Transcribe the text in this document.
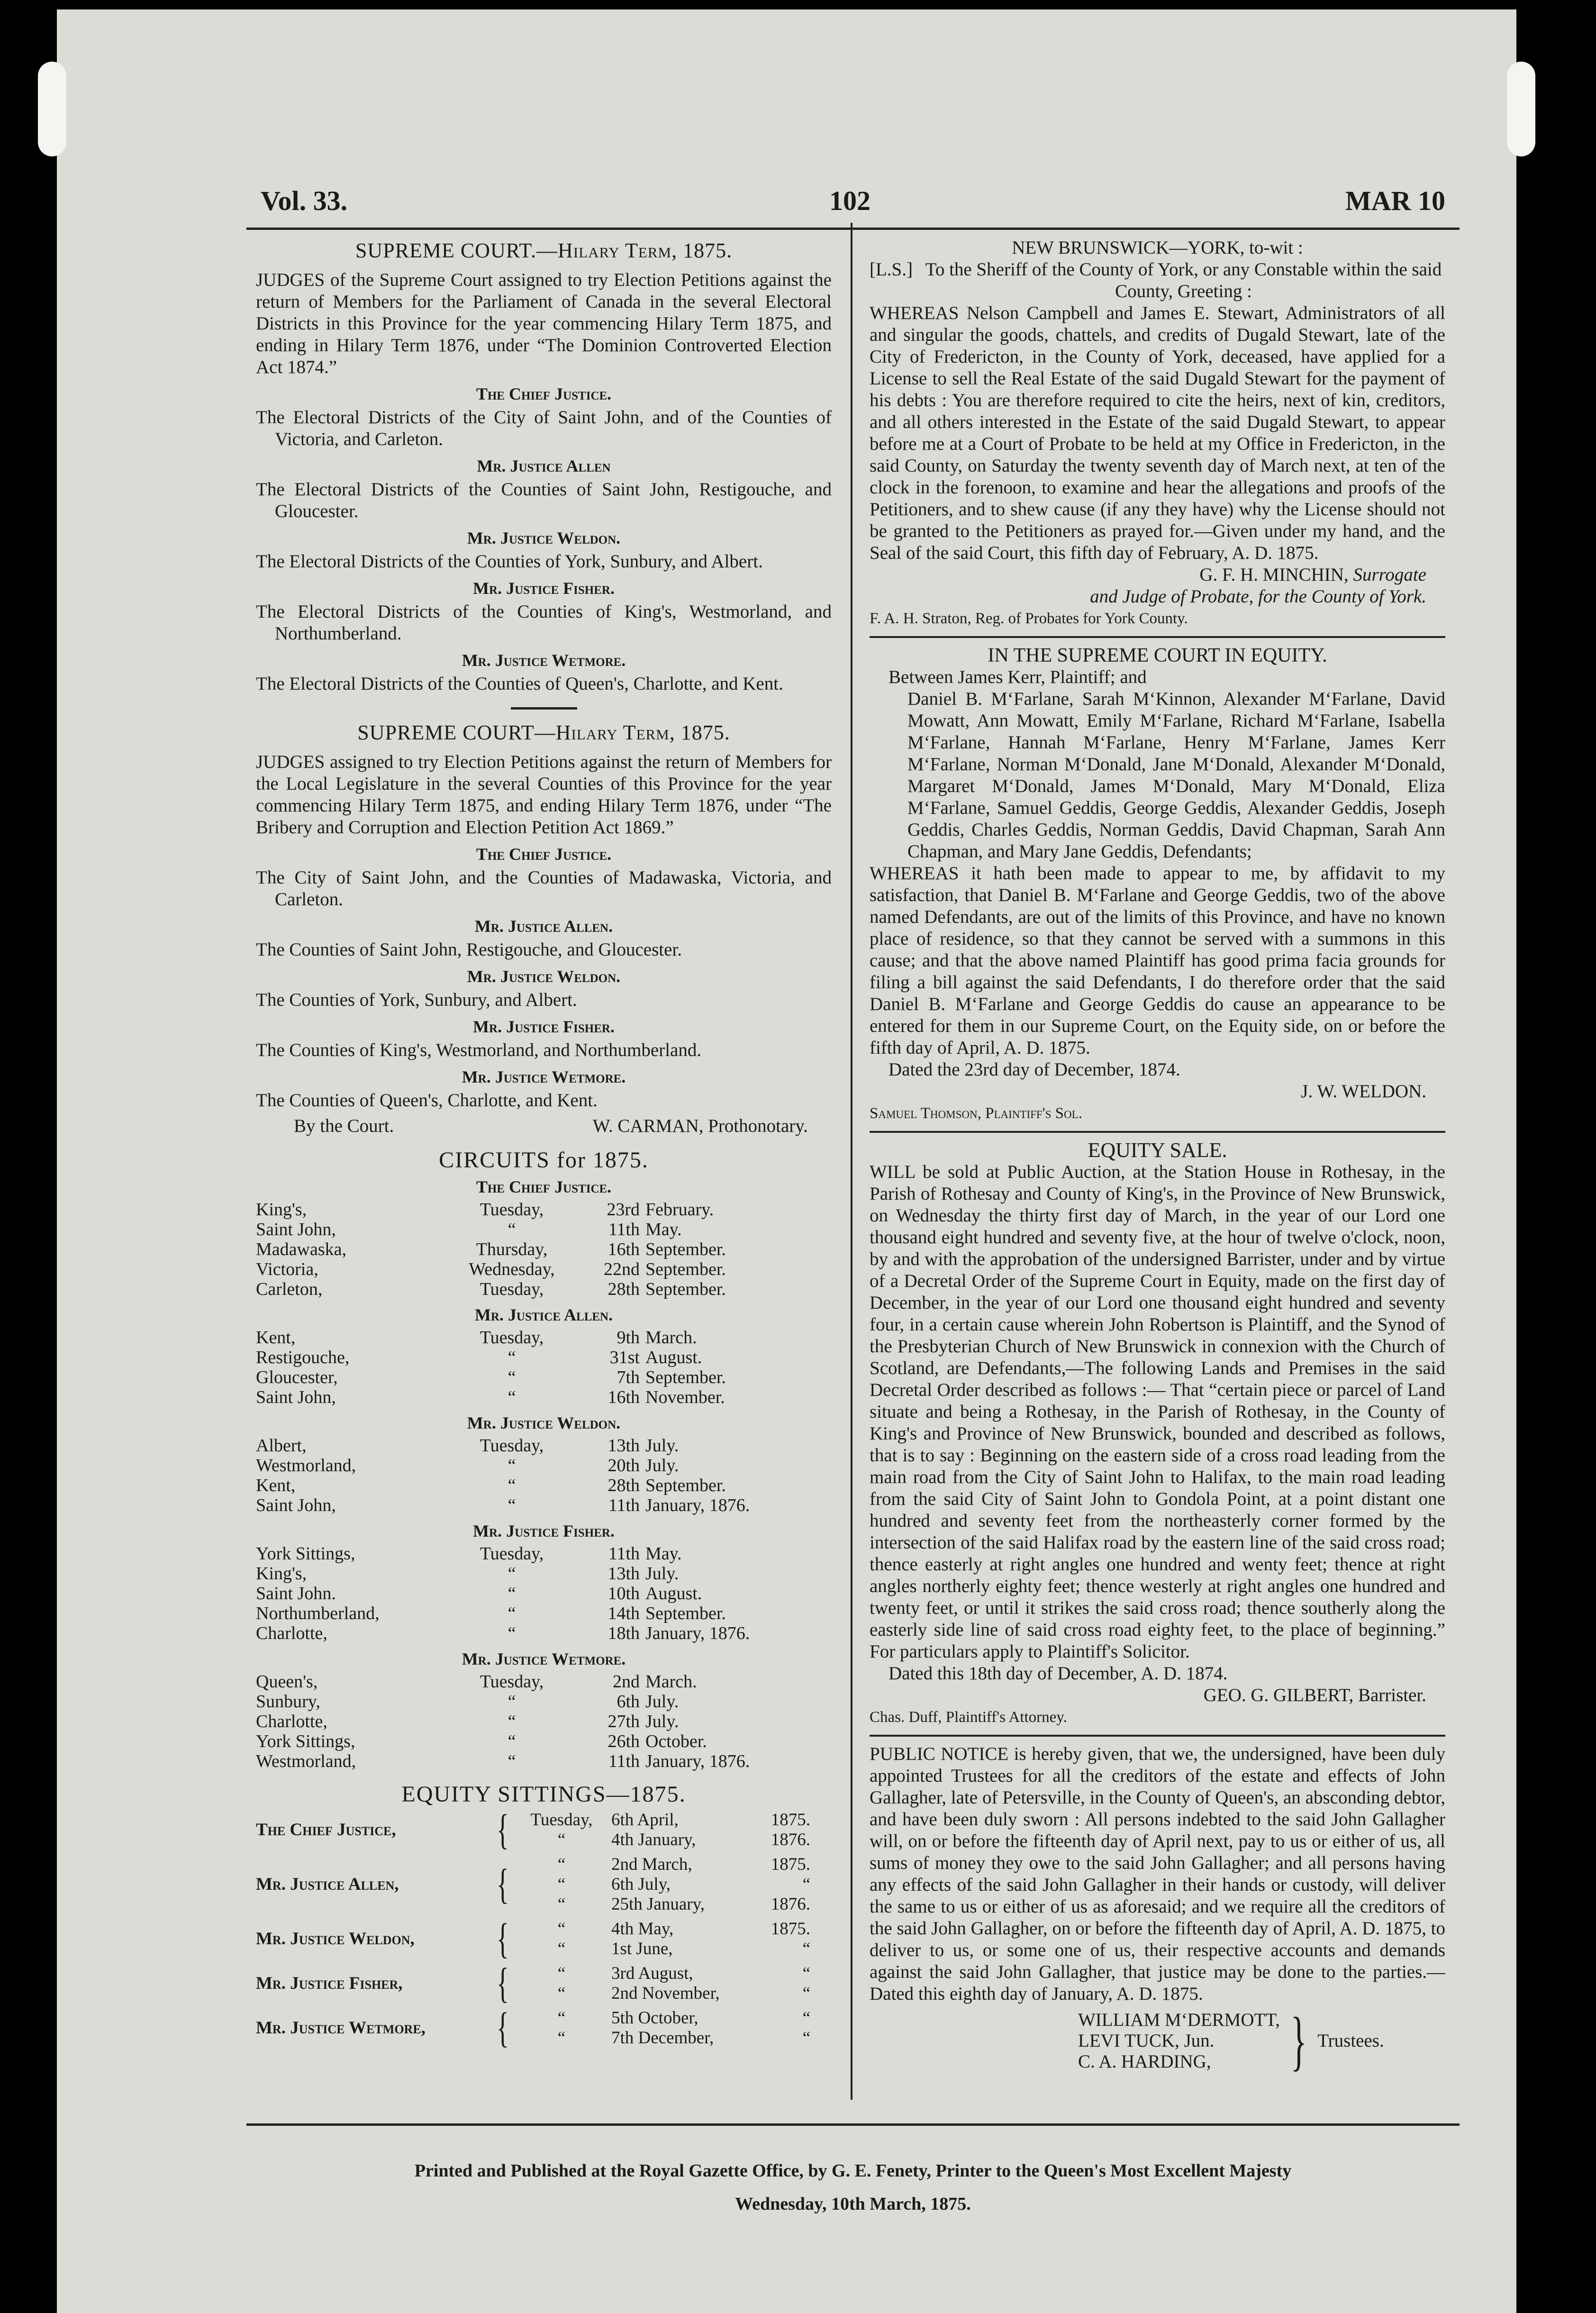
Vol. 33.	102	MAR 10

SUPREME COURT.—Hilary Term, 1875.

JUDGES of the Supreme Court assigned to try Election Petitions against the return of Members for the Parliament of Canada in the several Electoral Districts in this Province for the year commencing Hilary Term 1875, and ending in Hilary Term 1876, under “The Dominion Controverted Election Act 1874.”

The Chief Justice.

The Electoral Districts of the City of Saint John, and of the Counties of Victoria, and Carleton.

Mr. Justice Allen

The Electoral Districts of the Counties of Saint John, Restigouche, and Gloucester.

Mr. Justice Weldon.

The Electoral Districts of the Counties of York, Sunbury, and Albert.

Mr. Justice Fisher.

The Electoral Districts of the Counties of King's, Westmorland, and Northumberland.

Mr. Justice Wetmore.

The Electoral Districts of the Counties of Queen's, Charlotte, and Kent.

SUPREME COURT—Hilary Term, 1875.

JUDGES assigned to try Election Petitions against the return of Members for the Local Legislature in the several Counties of this Province for the year commencing Hilary Term 1875, and ending Hilary Term 1876, under “The Bribery and Corruption and Election Petition Act 1869.”

The Chief Justice.

The City of Saint John, and the Counties of Madawaska, Victoria, and Carleton.

Mr. Justice Allen.

The Counties of Saint John, Restigouche, and Gloucester.

Mr. Justice Weldon.

The Counties of York, Sunbury, and Albert.

Mr. Justice Fisher.

The Counties of King's, Westmorland, and Northumberland.

Mr. Justice Wetmore.

The Counties of Queen's, Charlotte, and Kent.

By the Court.	W. CARMAN, Prothonotary.

CIRCUITS for 1875.

The Chief Justice.

King's,	Tuesday,	23rd	February.
Saint John,	“	11th	May.
Madawaska,	Thursday,	16th	September.
Victoria,	Wednesday,	22nd	September.
Carleton,	Tuesday,	28th	September.

Mr. Justice Allen.

Kent,	Tuesday,	9th	March.
Restigouche,	“	31st	August.
Gloucester,	“	7th	September.
Saint John,	“	16th	November.

Mr. Justice Weldon.

Albert,	Tuesday,	13th	July.
Westmorland,	“	20th	July.
Kent,	“	28th	September.
Saint John,	“	11th	January, 1876.

Mr. Justice Fisher.

York Sittings,	Tuesday,	11th	May.
King's,	“	13th	July.
Saint John.	“	10th	August.
Northumberland,	“	14th	September.
Charlotte,	“	18th	January, 1876.

Mr. Justice Wetmore.

Queen's,	Tuesday,	2nd	March.
Sunbury,	“	6th	July.
Charlotte,	“	27th	July.
York Sittings,	“	26th	October.
Westmorland,	“	11th	January, 1876.

EQUITY SITTINGS—1875.

The Chief Justice,	{	Tuesday,	6th April,	1875.
“	4th January,	1876.
Mr. Justice Allen,	{	“	2nd March,	1875.
“	6th July,	“
“	25th January,	1876.
Mr. Justice Weldon,	{	“	4th May,	1875.
“	1st June,	“
Mr. Justice Fisher,	{	“	3rd August,	“
“	2nd November,	“
Mr. Justice Wetmore,	{	“	5th October,	“
“	7th December,	“

NEW BRUNSWICK—YORK, to-wit :

[L.S.] To the Sheriff of the County of York, or any Constable within the said County, Greeting :

WHEREAS Nelson Campbell and James E. Stewart, Administrators of all and singular the goods, chattels, and credits of Dugald Stewart, late of the City of Fredericton, in the County of York, deceased, have applied for a License to sell the Real Estate of the said Dugald Stewart for the payment of his debts : You are therefore required to cite the heirs, next of kin, creditors, and all others interested in the Estate of the said Dugald Stewart, to appear before me at a Court of Probate to be held at my Office in Fredericton, in the said County, on Saturday the twenty seventh day of March next, at ten of the clock in the forenoon, to examine and hear the allegations and proofs of the Petitioners, and to shew cause (if any they have) why the License should not be granted to the Petitioners as prayed for.—Given under my hand, and the Seal of the said Court, this fifth day of February, A. D. 1875.

G. F. H. MINCHIN, Surrogate

and Judge of Probate, for the County of York.

F. A. H. Straton, Reg. of Probates for York County.

IN THE SUPREME COURT IN EQUITY.

Between James Kerr, Plaintiff; and

Daniel B. M‘Farlane, Sarah M‘Kinnon, Alexander M‘Farlane, David Mowatt, Ann Mowatt, Emily M‘Farlane, Richard M‘Farlane, Isabella M‘Farlane, Hannah M‘Farlane, Henry M‘Farlane, James Kerr M‘Farlane, Norman M‘Donald, Jane M‘Donald, Alexander M‘Donald, Margaret M‘Donald, James M‘Donald, Mary M‘Donald, Eliza M‘Farlane, Samuel Geddis, George Geddis, Alexander Geddis, Joseph Geddis, Charles Geddis, Norman Geddis, David Chapman, Sarah Ann Chapman, and Mary Jane Geddis, Defendants;

WHEREAS it hath been made to appear to me, by affidavit to my satisfaction, that Daniel B. M‘Farlane and George Geddis, two of the above named Defendants, are out of the limits of this Province, and have no known place of residence, so that they cannot be served with a summons in this cause; and that the above named Plaintiff has good prima facia grounds for filing a bill against the said Defendants, I do therefore order that the said Daniel B. M‘Farlane and George Geddis do cause an appearance to be entered for them in our Supreme Court, on the Equity side, on or before the fifth day of April, A. D. 1875.

Dated the 23rd day of December, 1874.

J. W. WELDON.

Samuel Thomson, Plaintiff's Sol.

EQUITY SALE.

WILL be sold at Public Auction, at the Station House in Rothesay, in the Parish of Rothesay and County of King's, in the Province of New Brunswick, on Wednesday the thirty first day of March, in the year of our Lord one thousand eight hundred and seventy five, at the hour of twelve o'clock, noon, by and with the approbation of the undersigned Barrister, under and by virtue of a Decretal Order of the Supreme Court in Equity, made on the first day of December, in the year of our Lord one thousand eight hundred and seventy four, in a certain cause wherein John Robertson is Plaintiff, and the Synod of the Presbyterian Church of New Brunswick in connexion with the Church of Scotland, are Defendants,—The following Lands and Premises in the said Decretal Order described as follows :— That “certain piece or parcel of Land situate and being a Rothesay, in the Parish of Rothesay, in the County of King's and Province of New Brunswick, bounded and described as follows, that is to say : Beginning on the eastern side of a cross road leading from the main road from the City of Saint John to Halifax, to the main road leading from the said City of Saint John to Gondola Point, at a point distant one hundred and seventy feet from the northeasterly corner formed by the intersection of the said Halifax road by the eastern line of the said cross road; thence easterly at right angles one hundred and wenty feet; thence at right angles northerly eighty feet; thence westerly at right angles one hundred and twenty feet, or until it strikes the said cross road; thence southerly along the easterly side line of said cross road eighty feet, to the place of beginning.” For particulars apply to Plaintiff's Solicitor.

Dated this 18th day of December, A. D. 1874.

GEO. G. GILBERT, Barrister.

Chas. Duff, Plaintiff's Attorney.

PUBLIC NOTICE is hereby given, that we, the undersigned, have been duly appointed Trustees for all the creditors of the estate and effects of John Gallagher, late of Petersville, in the County of Queen's, an absconding debtor, and have been duly sworn : All persons indebted to the said John Gallagher will, on or before the fifteenth day of April next, pay to us or either of us, all sums of money they owe to the said John Gallagher; and all persons having any effects of the said John Gallagher in their hands or custody, will deliver the same to us or either of us as aforesaid; and we require all the creditors of the said John Gallagher, on or before the fifteenth day of April, A. D. 1875, to deliver to us, or some one of us, their respective accounts and demands against the said John Gallagher, that justice may be done to the parties.—Dated this eighth day of January, A. D. 1875.

WILLIAM M‘DERMOTT,
LEVI TUCK, Jun.
C. A. HARDING,	} Trustees.
Printed and Published at the Royal Gazette Office, by G. E. Fenety, Printer to the Queen's Most Excellent Majesty
Wednesday, 10th March, 1875.
